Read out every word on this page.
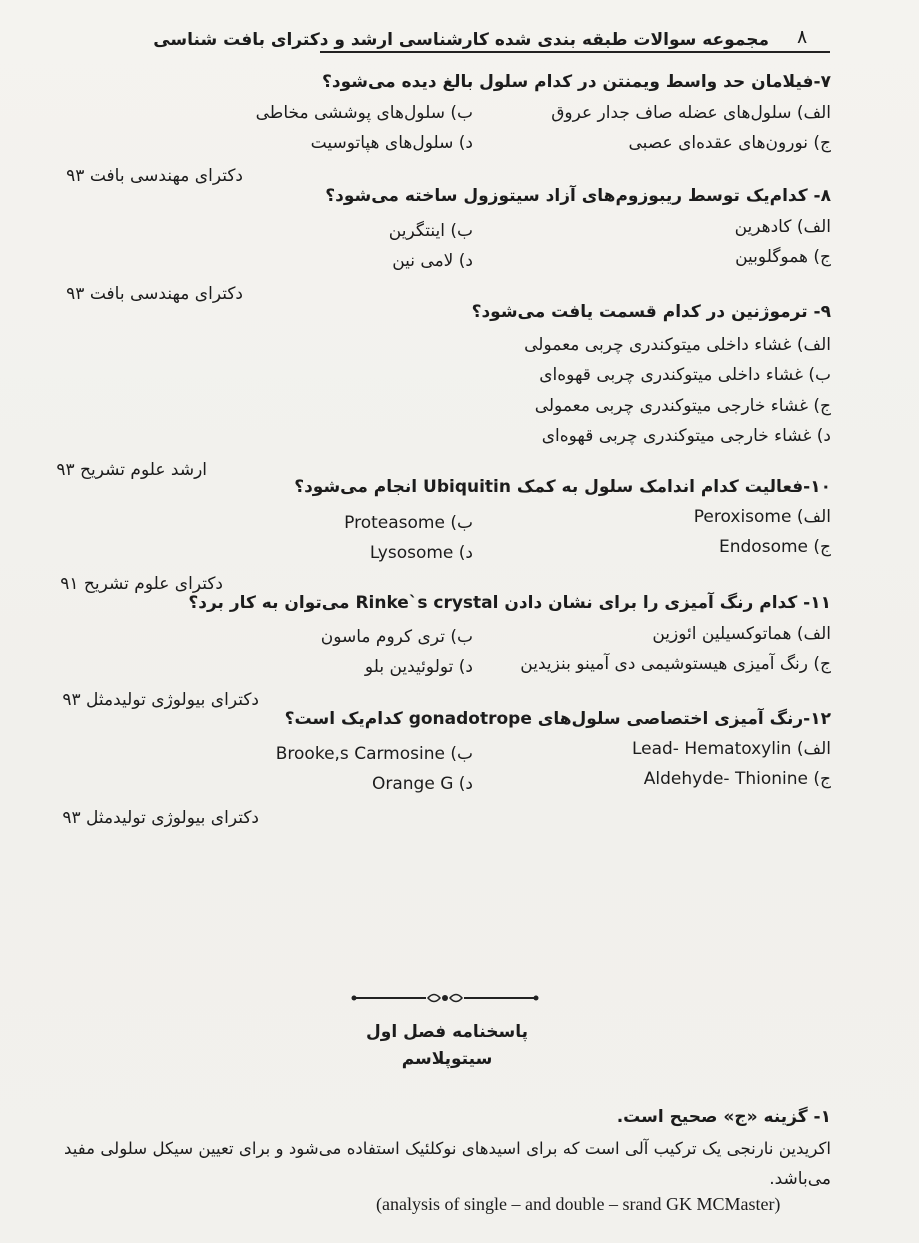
۸
مجموعه سوالات طبقه بندی شده کارشناسی ارشد و دکترای بافت شناسی
۷-فیلامان حد واسط ویمنتن در کدام سلول بالغ دیده می‌شود؟
الف) سلول‌های عضله صاف جدار عروق
ب) سلول‌های پوششی مخاطی
ج) نورون‌های عقده‌ای عصبی
د) سلول‌های هپاتوسیت
دکترای مهندسی بافت ۹۳
۸- کدام‌یک توسط ریبوزوم‌های آزاد سیتوزول ساخته می‌شود؟
الف) کادهرین
ب) اینتگرین
ج) هموگلوبین
د) لامی نین
دکترای مهندسی بافت ۹۳
۹- ترموژنین در کدام قسمت یافت می‌شود؟
الف) غشاء داخلی میتوکندری چربی معمولی
ب) غشاء داخلی میتوکندری چربی قهوه‌ای
ج) غشاء خارجی میتوکندری چربی معمولی
د) غشاء خارجی میتوکندری چربی قهوه‌ای
ارشد علوم تشریح ۹۳
۱۰-فعالیت کدام اندامک سلول به کمک Ubiquitin انجام می‌شود؟
الف) Peroxisome
ب) Proteasome
ج) Endosome
د) Lysosome
دکترای علوم تشریح ۹۱
۱۱- کدام رنگ آمیزی را برای نشان دادن Rinke`s crystal می‌توان به کار برد؟
الف) هماتوکسیلین ائوزین
ب) تری کروم ماسون
ج) رنگ آمیزی هیستوشیمی دی آمینو بنزیدین
د) تولوئیدین بلو
دکترای بیولوژی تولیدمثل ۹۳
۱۲-رنگ آمیزی اختصاصی سلول‌های gonadotrope کدام‌یک است؟
الف) Lead- Hematoxylin
ب) Brooke,s Carmosine
ج) Aldehyde- Thionine
د) Orange G
دکترای بیولوژی تولیدمثل ۹۳
پاسخنامه فصل اول
سیتوپلاسم
۱- گزینه «ج» صحیح است.
اکریدین نارنجی یک ترکیب آلی است که برای اسیدهای نوکلئیک استفاده می‌شود و برای تعیین سیکل سلولی مفید
می‌باشد.
(analysis of single – and double – srand GK MCMaster)
